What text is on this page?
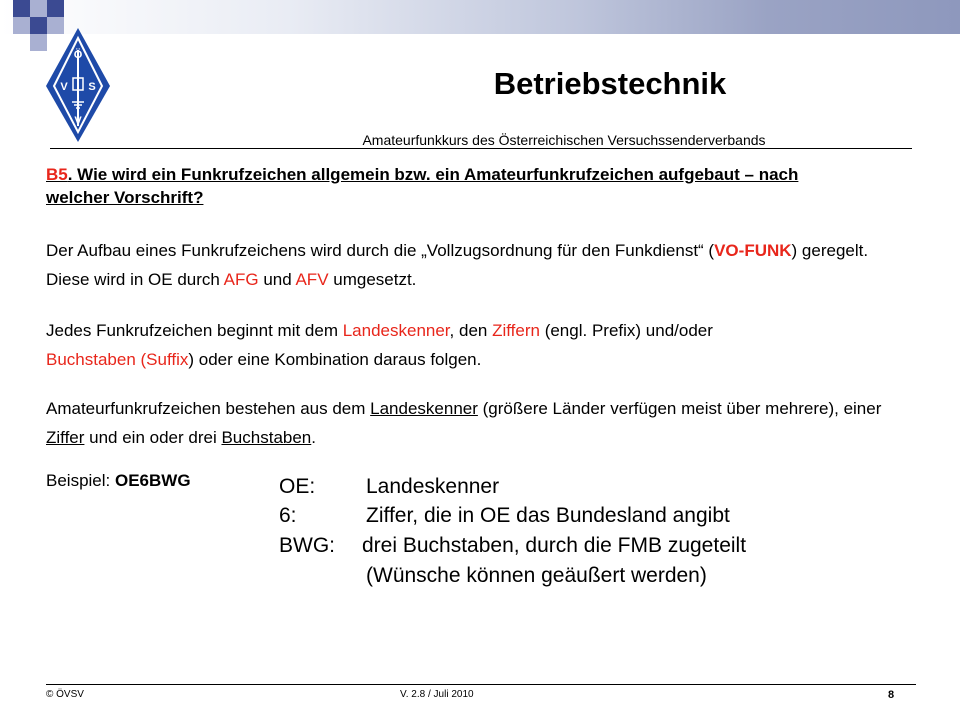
Ö
V S
V
Betriebstechnik

Amateurfunkkurs des Österreichischen Versuchssenderverbands

B5. Wie wird ein Funkrufzeichen allgemein bzw. ein Amateurfunkrufzeichen aufgebaut – nach welcher Vorschrift?
Der Aufbau eines Funkrufzeichens wird durch die „Vollzugsordnung für den Funkdienst“ (VO-FUNK) geregelt. Diese wird in OE durch AFG und AFV umgesetzt.
Jedes Funkrufzeichen beginnt mit dem Landeskenner, den Ziffern (engl. Prefix) und/oder
Buchstaben (Suffix) oder eine Kombination daraus folgen.
Amateurfunkrufzeichen bestehen aus dem Landeskenner (größere Länder verfügen meist über mehrere), einer Ziffer und ein oder drei Buchstaben.
Beispiel: OE6BWG	OE: Landeskenner
6:	Ziffer, die in OE das Bundesland angibt
BWG: drei Buchstaben, durch die FMB zugeteilt
(Wünsche können geäußert werden)
© ÖVSV	V. 2.8 / Juli 2010	8
